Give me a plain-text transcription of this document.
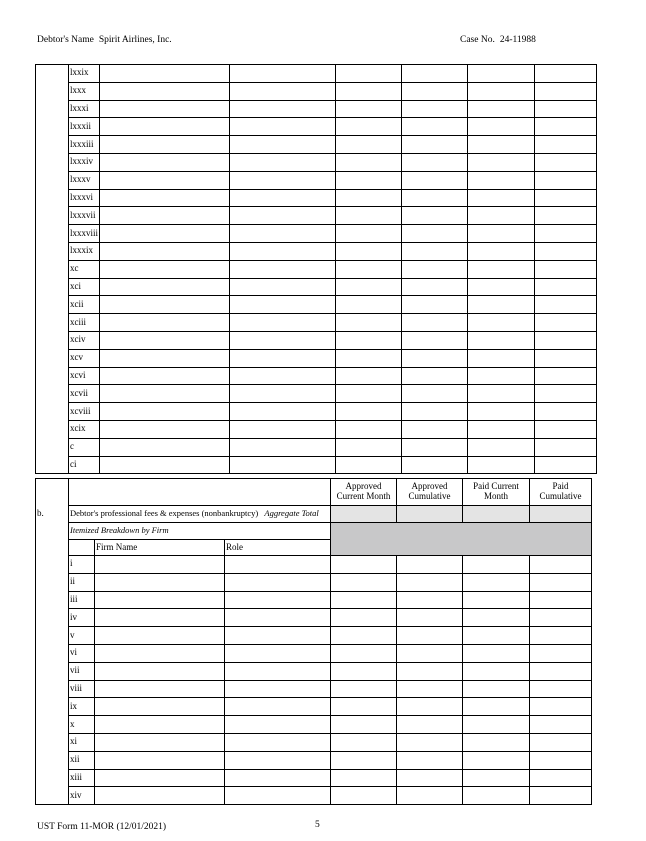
Debtor's Name Spirit Airlines, Inc.	Case No. 24-11988
	lxxix						
	lxxx						
	lxxxi						
	lxxxii						
	lxxxiii						
	lxxxiv						
	lxxxv						
	lxxxvi						
	lxxxvii						
	lxxxviii						
	lxxxix						
	xc						
	xci						
	xcii						
	xciii						
	xciv						
	xcv						
	xcvi						
	xcvii						
	xcviii						
	xcix						
	c						
	ci						
				Approved Current Month	Approved Cumulative	Paid Current Month	Paid Cumulative
b.	Debtor's professional fees & expenses (nonbankruptcy) Aggregate Total						
	Itemized Breakdown by Firm						
		Firm Name	Role				
	i						
	ii						
	iii						
	iv						
	v						
	vi						
	vii						
	viii						
	ix						
	x						
	xi						
	xii						
	xiii						
	xiv						
UST Form 11-MOR (12/01/2021)	5
